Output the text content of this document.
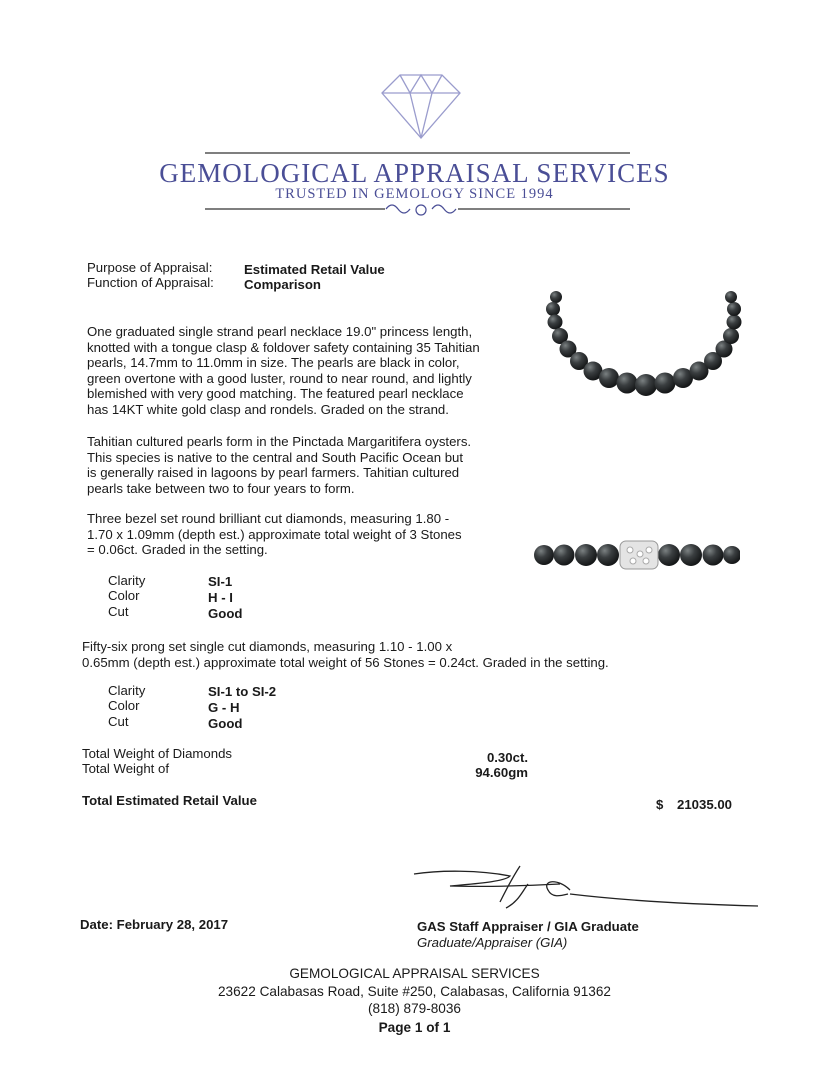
GEMOLOGICAL APPRAISAL SERVICES
TRUSTED IN GEMOLOGY SINCE 1994
Purpose of Appraisal: Estimated Retail Value
Function of Appraisal: Comparison

One graduated single strand pearl necklace 19.0" princess length,
knotted with a tongue clasp & foldover safety containing 35 Tahitian
pearls, 14.7mm to 11.0mm in size. The pearls are black in color,
green overtone with a good luster, round to near round, and lightly
blemished with very good matching. The featured pearl necklace
has 14KT white gold clasp and rondels. Graded on the strand.

Tahitian cultured pearls form in the Pinctada Margaritifera oysters.
This species is native to the central and South Pacific Ocean but
is generally raised in lagoons by pearl farmers. Tahitian cultured
pearls take between two to four years to form.

Three bezel set round brilliant cut diamonds, measuring 1.80 -
1.70 x 1.09mm (depth est.) approximate total weight of 3 Stones
= 0.06ct. Graded in the setting.

Clarity	SI-1
Color	H - I
Cut	Good

Fifty-six prong set single cut diamonds, measuring 1.10 - 1.00 x
0.65mm (depth est.) approximate total weight of 56 Stones = 0.24ct. Graded in the setting.

Clarity	SI-1 to SI-2
Color	G - H
Cut	Good
Total Weight of Diamonds	0.30ct.
Total Weight of	94.60gm
Total Estimated Retail Value	$	21035.00
Date: February 28, 2017	GAS Staff Appraiser / GIA Graduate
Graduate/Appraiser (GIA)
GEMOLOGICAL APPRAISAL SERVICES
23622 Calabasas Road, Suite #250, Calabasas, California 91362
(818) 879-8036
Page 1 of 1
